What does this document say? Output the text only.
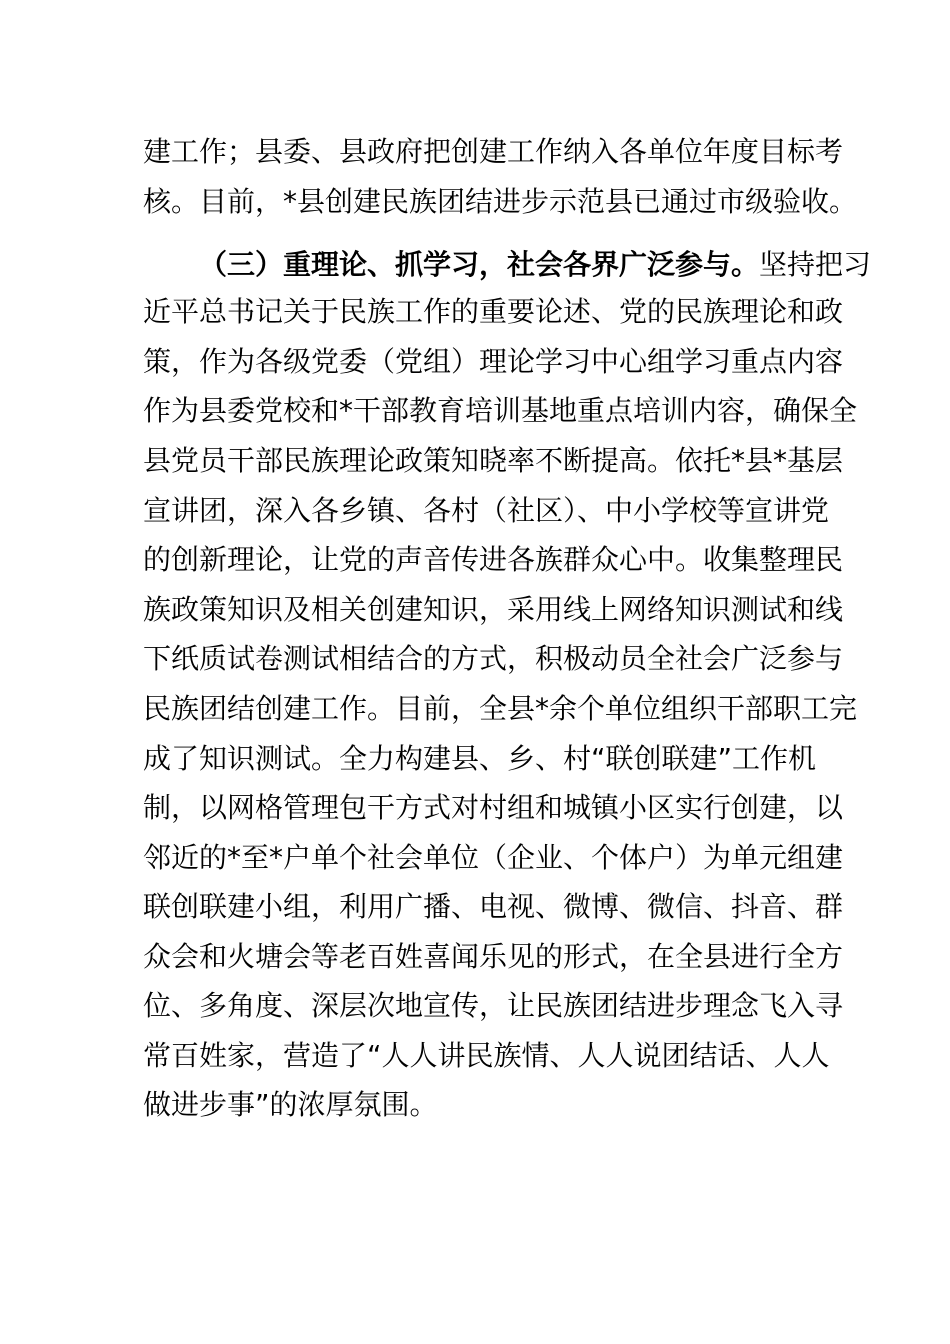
建工作；县委、县政府把创建工作纳入各单位年度目标考
核。目前，*县创建民族团结进步示范县已通过市级验收。
（三）重理论、抓学习，社会各界广泛参与。坚持把习
近平总书记关于民族工作的重要论述、党的民族理论和政
策，作为各级党委（党组）理论学习中心组学习重点内容
作为县委党校和*干部教育培训基地重点培训内容，确保全
县党员干部民族理论政策知晓率不断提高。依托*县*基层
宣讲团，深入各乡镇、各村（社区）、中小学校等宣讲党
的创新理论，让党的声音传进各族群众心中。收集整理民
族政策知识及相关创建知识，采用线上网络知识测试和线
下纸质试卷测试相结合的方式，积极动员全社会广泛参与
民族团结创建工作。目前，全县*余个单位组织干部职工完
成了知识测试。全力构建县、乡、村“联创联建”工作机
制，以网格管理包干方式对村组和城镇小区实行创建，以
邻近的*至*户单个社会单位（企业、个体户）为单元组建
联创联建小组，利用广播、电视、微博、微信、抖音、群
众会和火塘会等老百姓喜闻乐见的形式，在全县进行全方
位、多角度、深层次地宣传，让民族团结进步理念飞入寻
常百姓家，营造了“人人讲民族情、人人说团结话、人人
做进步事”的浓厚氛围。
